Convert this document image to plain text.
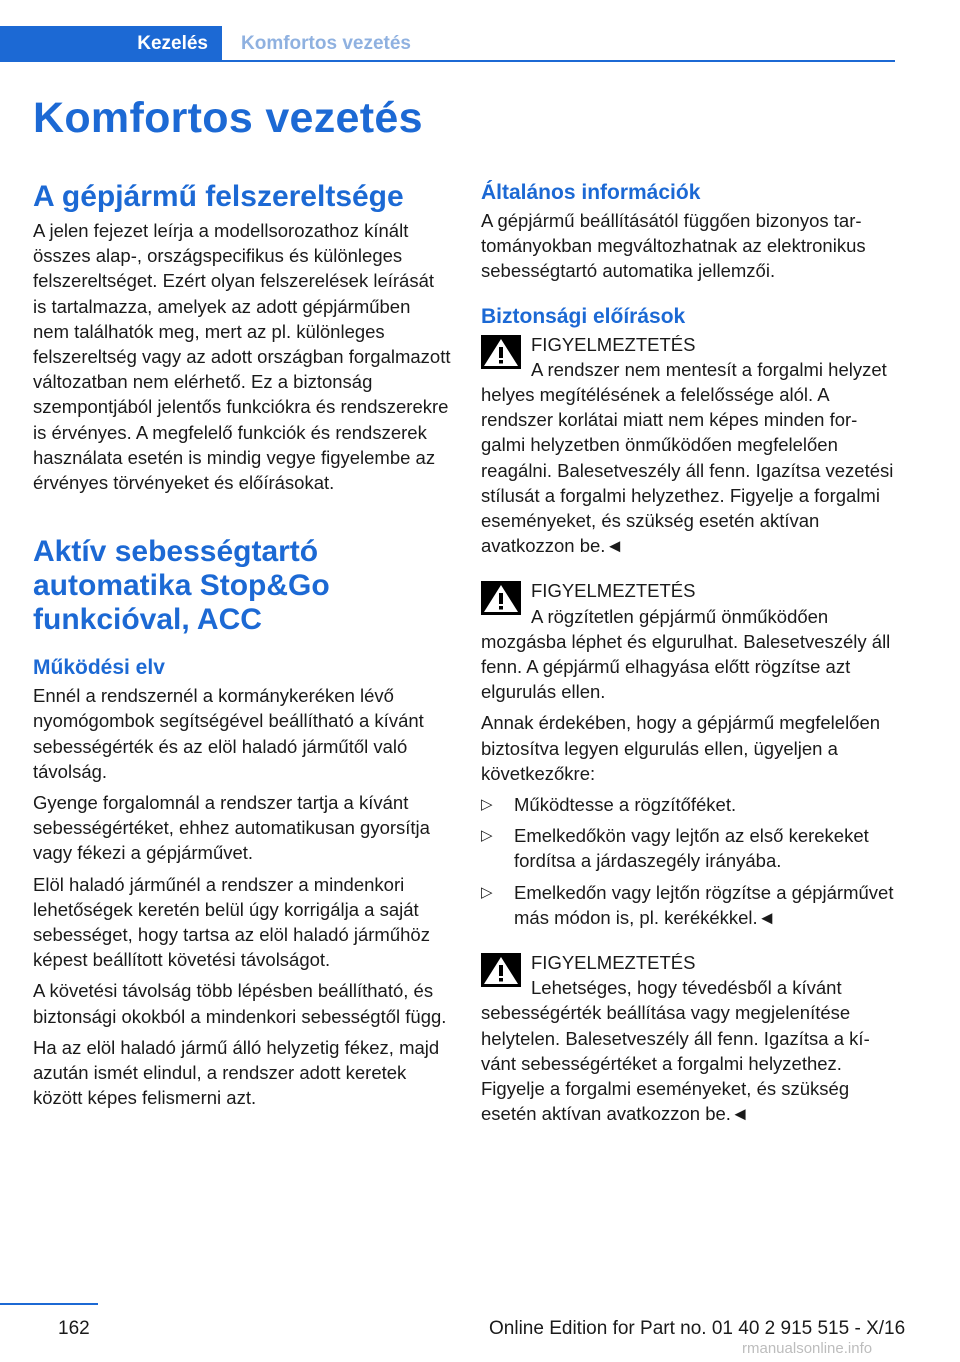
Kezelés	Komfortos vezetés
Komfortos vezetés
A gépjármű felszereltsége

A jelen fejezet leírja a modellsorozathoz kínált összes alap-, országspecifikus és különleges felszereltséget. Ezért olyan felszerelések leírását is tartalmazza, amelyek az adott gépjárműben nem találhatók meg, mert az pl. különleges felszereltség vagy az adott országban forgalmazott változatban nem elérhető. Ez a biztonság szempontjából jelentős funkciókra és rendszerekre is érvényes. A megfelelő funkciók és rendszerek használata esetén is mindig vegye figyelembe az érvényes törvényeket és előírásokat.

Aktív sebességtartó automatika Stop&Go funkcióval, ACC
Működési elv

Ennél a rendszernél a kormánykeréken lévő nyomógombok segítségével beállítható a kívánt sebességérték és az elöl haladó járműtől való távolság.

Gyenge forgalomnál a rendszer tartja a kívánt sebességértéket, ehhez automatikusan gyorsítja vagy fékezi a gépjárművet.

Elöl haladó járműnél a rendszer a mindenkori lehetőségek keretén belül úgy korrigálja a saját sebességet, hogy tartsa az elöl haladó járműhöz képest beállított követési távolságot.

A követési távolság több lépésben beállítható, és biztonsági okokból a mindenkori sebességtől függ.

Ha az elöl haladó jármű álló helyzetig fékez, majd azután ismét elindul, a rendszer adott keretek között képes felismerni azt.

Általános információk

A gépjármű beállításától függően bizonyos tartományokban megváltozhatnak az elektronikus sebességtartó automatika jellemzői.

Biztonsági előírások
FIGYELMEZTETÉS

A rendszer nem mentesít a forgalmi helyzet helyes megítélésének a felelőssége alól. A rendszer korlátai miatt nem képes minden forgalmi helyzetben önműködően megfelelően reagálni. Balesetveszély áll fenn. Igazítsa vezetési stílusát a forgalmi helyzethez. Figyelje a forgalmi eseményeket, és szükség esetén aktívan avatkozzon be.◄

FIGYELMEZTETÉS

A rögzítetlen gépjármű önműködően mozgásba léphet és elgurulhat. Balesetveszély áll fenn. A gépjármű elhagyása előtt rögzítse azt elgurulás ellen.

Annak érdekében, hogy a gépjármű megfelelően biztosítva legyen elgurulás ellen, ügyeljen a következőkre:

▷ Működtesse a rögzítőféket.
▷ Emelkedőkön vagy lejtőn az első kerekeket fordítsa a járdaszegély irányába.
▷ Emelkedőn vagy lejtőn rögzítse a gépjárművet más módon is, pl. kerékékkel.◄
FIGYELMEZTETÉS

Lehetséges, hogy tévedésből a kívánt sebességérték beállítása vagy megjelenítése helytelen. Balesetveszély áll fenn. Igazítsa a kívánt sebességértéket a forgalmi helyzethez. Figyelje a forgalmi eseményeket, és szükség esetén aktívan avatkozzon be.◄

162	Online Edition for Part no. 01 40 2 915 515 - X/16
rmanualsonline.info
